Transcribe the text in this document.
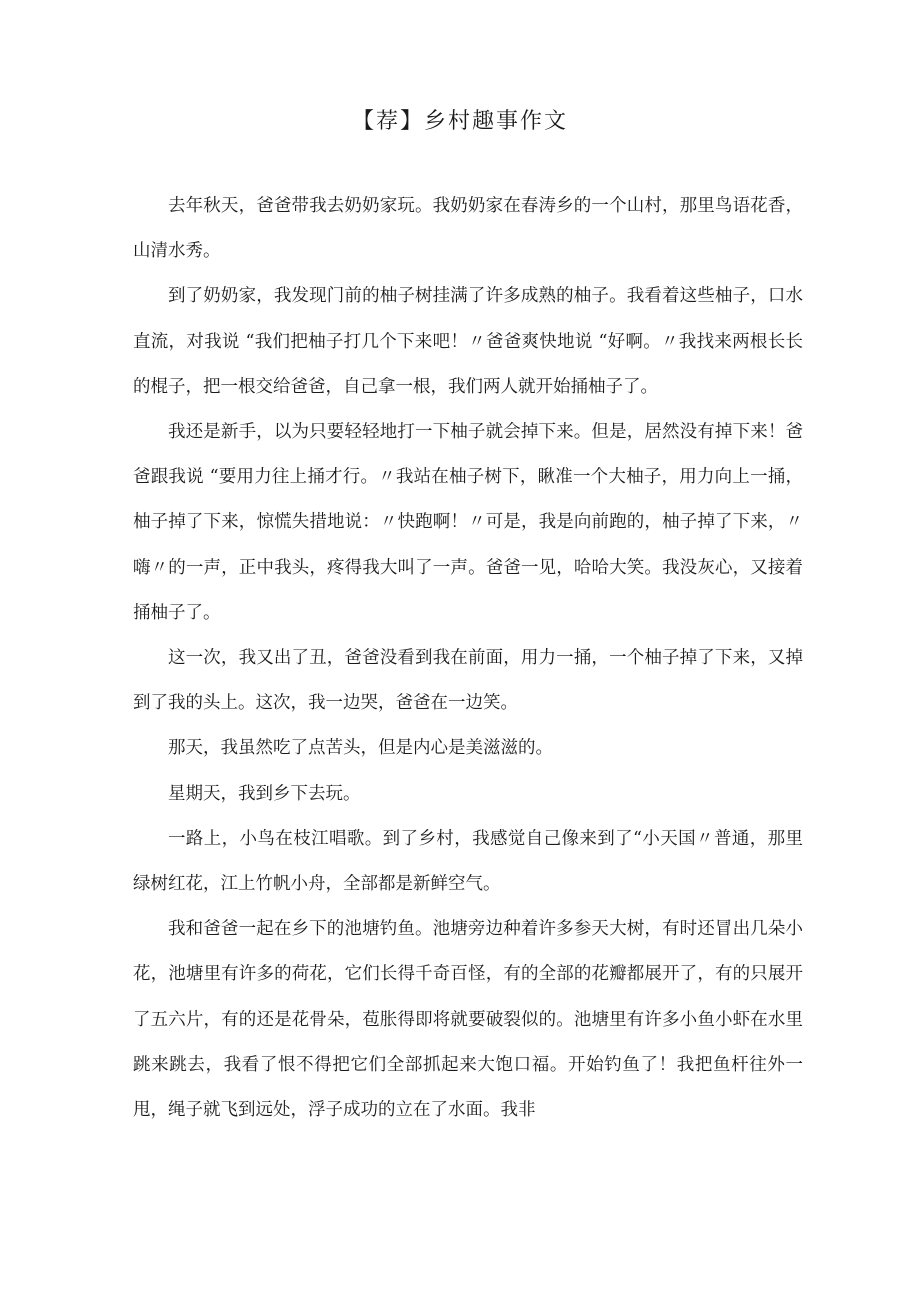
【荐】乡村趣事作文

去年秋天，爸爸带我去奶奶家玩。我奶奶家在春涛乡的一个山村，那里鸟语花香，山清水秀。

到了奶奶家，我发现门前的柚子树挂满了许多成熟的柚子。我看着这些柚子，口水直流，对我说 “我们把柚子打几个下来吧！〃爸爸爽快地说 “好啊。〃我找来两根长长的棍子，把一根交给爸爸，自己拿一根，我们两人就开始捅柚子了。

我还是新手，以为只要轻轻地打一下柚子就会掉下来。但是，居然没有掉下来！爸爸跟我说 “要用力往上捅才行。〃我站在柚子树下，瞅准一个大柚子，用力向上一捅，柚子掉了下来，惊慌失措地说：〃快跑啊！〃可是，我是向前跑的，柚子掉了下来，〃嗨〃的一声，正中我头，疼得我大叫了一声。爸爸一见，哈哈大笑。我没灰心，又接着捅柚子了。

这一次，我又出了丑，爸爸没看到我在前面，用力一捅，一个柚子掉了下来，又掉到了我的头上。这次，我一边哭，爸爸在一边笑。

那天，我虽然吃了点苦头，但是内心是美滋滋的。

星期天，我到乡下去玩。

一路上，小鸟在枝江唱歌。到了乡村，我感觉自己像来到了“小天国〃普通，那里绿树红花，江上竹帆小舟，全部都是新鲜空气。

我和爸爸一起在乡下的池塘钓鱼。池塘旁边种着许多参天大树，有时还冒出几朵小花，池塘里有许多的荷花，它们长得千奇百怪，有的全部的花瓣都展开了，有的只展开了五六片，有的还是花骨朵，苞胀得即将就要破裂似的。池塘里有许多小鱼小虾在水里跳来跳去，我看了恨不得把它们全部抓起来大饱口福。开始钓鱼了！我把鱼杆往外一甩，绳子就飞到远处，浮子成功的立在了水面。我非
